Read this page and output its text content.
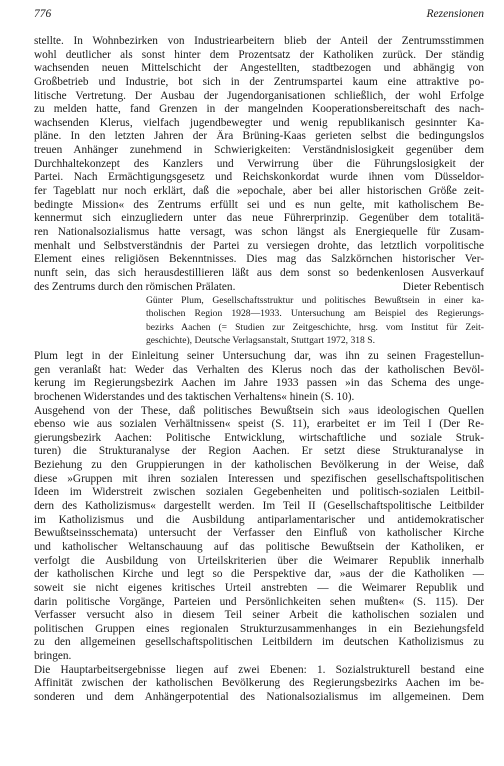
776	Rezensionen
stellte. In Wohnbezirken von Industriearbeitern blieb der Anteil der Zentrumsstimmen
wohl deutlicher als sonst hinter dem Prozentsatz der Katholiken zurück. Der ständig
wachsenden neuen Mittelschicht der Angestellten, stadtbezogen und abhängig von
Großbetrieb und Industrie, bot sich in der Zentrumspartei kaum eine attraktive po-
litische Vertretung. Der Ausbau der Jugendorganisationen schließlich, der wohl Erfolge
zu melden hatte, fand Grenzen in der mangelnden Kooperationsbereitschaft des nach-
wachsenden Klerus, vielfach jugendbewegter und wenig republikanisch gesinnter Ka-
pläne. In den letzten Jahren der Ära Brüning-Kaas gerieten selbst die bedingungslos
treuen Anhänger zunehmend in Schwierigkeiten: Verständnislosigkeit gegenüber dem
Durchhaltekonzept des Kanzlers und Verwirrung über die Führungslosigkeit der
Partei. Nach Ermächtigungsgesetz und Reichskonkordat wurde ihnen vom Düsseldor-
fer Tageblatt nur noch erklärt, daß die »epochale, aber bei aller historischen Größe zeit-
bedingte Mission« des Zentrums erfüllt sei und es nun gelte, mit katholischem Be-
kennermut sich einzugliedern unter das neue Führerprinzip. Gegenüber dem totalitä-
ren Nationalsozialismus hatte versagt, was schon längst als Energiequelle für Zusam-
menhalt und Selbstverständnis der Partei zu versiegen drohte, das letztlich vorpolitische
Element eines religiösen Bekenntnisses. Dies mag das Salzkörnchen historischer Ver-
nunft sein, das sich herausdestillieren läßt aus dem sonst so bedenkenlosen Ausverkauf
des Zentrums durch den römischen Prälaten.	Dieter Rebentisch
Günter Plum, Gesellschaftsstruktur und politisches Bewußtsein in einer ka-
tholischen Region 1928—1933. Untersuchung am Beispiel des Regierungs-
bezirks Aachen (= Studien zur Zeitgeschichte, hrsg. vom Institut für Zeit-
geschichte), Deutsche Verlagsanstalt, Stuttgart 1972, 318 S.
Plum legt in der Einleitung seiner Untersuchung dar, was ihn zu seinen Fragestellun-
gen veranlaßt hat: Weder das Verhalten des Klerus noch das der katholischen Bevöl-
kerung im Regierungsbezirk Aachen im Jahre 1933 passen »in das Schema des unge-
brochenen Widerstandes und des taktischen Verhaltens« hinein (S. 10).
Ausgehend von der These, daß politisches Bewußtsein sich »aus ideologischen Quellen
ebenso wie aus sozialen Verhältnissen« speist (S. 11), erarbeitet er im Teil I (Der Re-
gierungsbezirk Aachen: Politische Entwicklung, wirtschaftliche und soziale Struk-
turen) die Strukturanalyse der Region Aachen. Er setzt diese Strukturanalyse in
Beziehung zu den Gruppierungen in der katholischen Bevölkerung in der Weise, daß
diese »Gruppen mit ihren sozialen Interessen und spezifischen gesellschaftspolitischen
Ideen im Widerstreit zwischen sozialen Gegebenheiten und politisch-sozialen Leitbil-
dern des Katholizismus« dargestellt werden. Im Teil II (Gesellschaftspolitische Leitbilder
im Katholizismus und die Ausbildung antiparlamentarischer und antidemokratischer
Bewußtseinsschemata) untersucht der Verfasser den Einfluß von katholischer Kirche
und katholischer Weltanschauung auf das politische Bewußtsein der Katholiken, er
verfolgt die Ausbildung von Urteilskriterien über die Weimarer Republik innerhalb
der katholischen Kirche und legt so die Perspektive dar, »aus der die Katholiken —
soweit sie nicht eigenes kritisches Urteil anstrebten — die Weimarer Republik und
darin politische Vorgänge, Parteien und Persönlichkeiten sehen mußten« (S. 115). Der
Verfasser versucht also in diesem Teil seiner Arbeit die katholischen sozialen und
politischen Gruppen eines regionalen Strukturzusammenhanges in ein Beziehungsfeld
zu den allgemeinen gesellschaftspolitischen Leitbildern im deutschen Katholizismus zu
bringen.
Die Hauptarbeitsergebnisse liegen auf zwei Ebenen: 1. Sozialstrukturell bestand eine
Affinität zwischen der katholischen Bevölkerung des Regierungsbezirks Aachen im be-
sonderen und dem Anhängerpotential des Nationalsozialismus im allgemeinen. Dem
